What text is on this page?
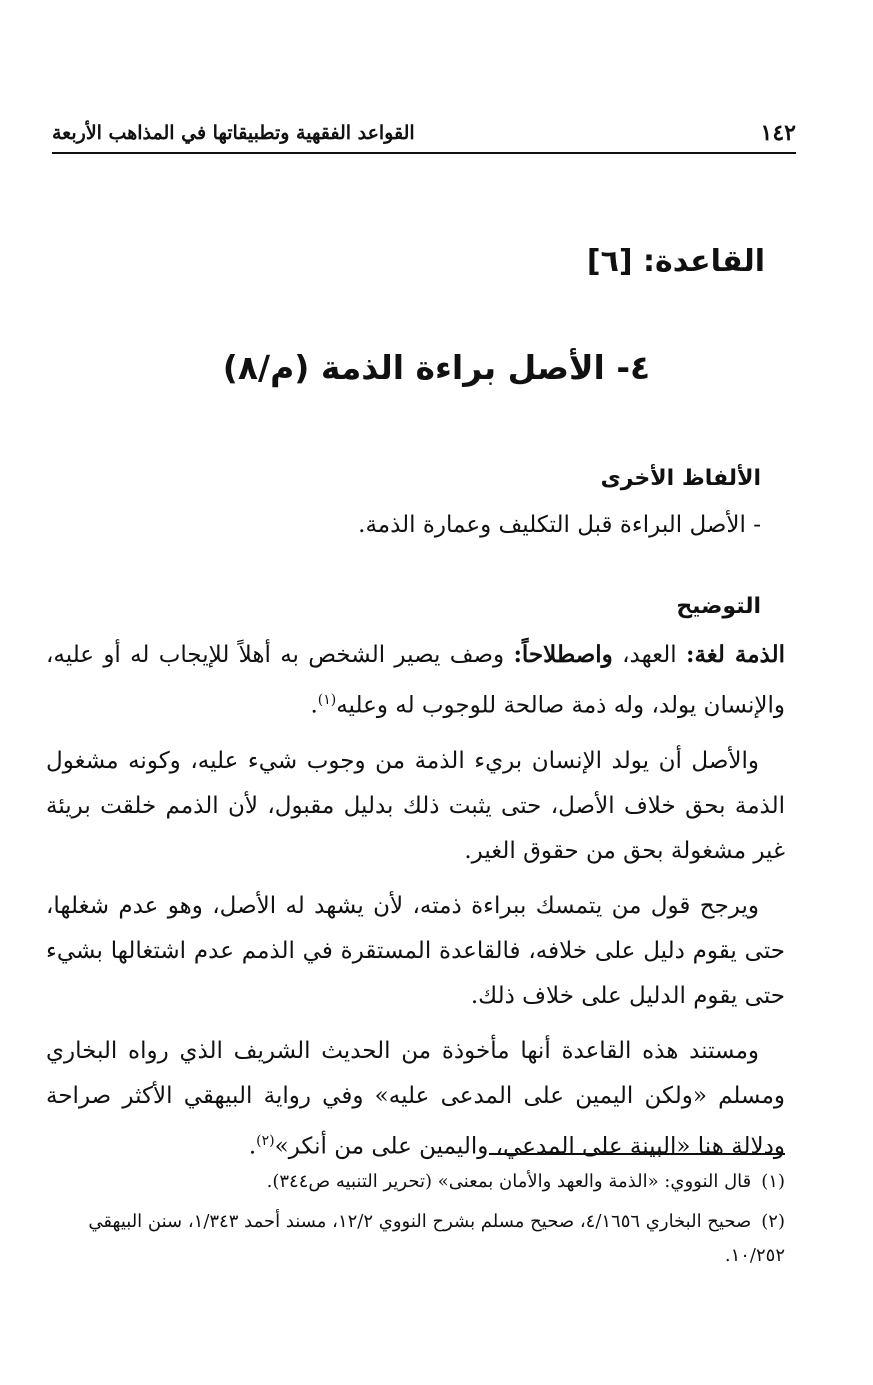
١٤٢
القواعد الفقهية وتطبيقاتها في المذاهب الأربعة
القاعدة: [٦]
٤- الأصل براءة الذمة (م/٨)
الألفاظ الأخرى
- الأصل البراءة قبل التكليف وعمارة الذمة.
التوضيح

الذمة لغة: العهد، واصطلاحاً: وصف يصير الشخص به أهلاً للإيجاب له أو عليه، والإنسان يولد، وله ذمة صالحة للوجوب له وعليه$^{(١)}$.

والأصل أن يولد الإنسان بريء الذمة من وجوب شيء عليه، وكونه مشغول الذمة بحق خلاف الأصل، حتى يثبت ذلك بدليل مقبول، لأن الذمم خلقت بريئة غير مشغولة بحق من حقوق الغير.

ويرجح قول من يتمسك ببراءة ذمته، لأن يشهد له الأصل، وهو عدم شغلها، حتى يقوم دليل على خلافه، فالقاعدة المستقرة في الذمم عدم اشتغالها بشيء حتى يقوم الدليل على خلاف ذلك.

ومستند هذه القاعدة أنها مأخوذة من الحديث الشريف الذي رواه البخاري ومسلم «ولكن اليمين على المدعى عليه» وفي رواية البيهقي الأكثر صراحة ودلالة هنا «البينة على المدعي، واليمين على من أنكر»$^{(٢)}$.

(١)قال النووي: «الذمة والعهد والأمان بمعنى» (تحرير التنبيه ص٣٤٤).

(٢)صحيح البخاري ٤/١٦٥٦، صحيح مسلم بشرح النووي ١٢/٢، مسند أحمد ١/٣٤٣، سنن البيهقي ١٠/٢٥٢.
